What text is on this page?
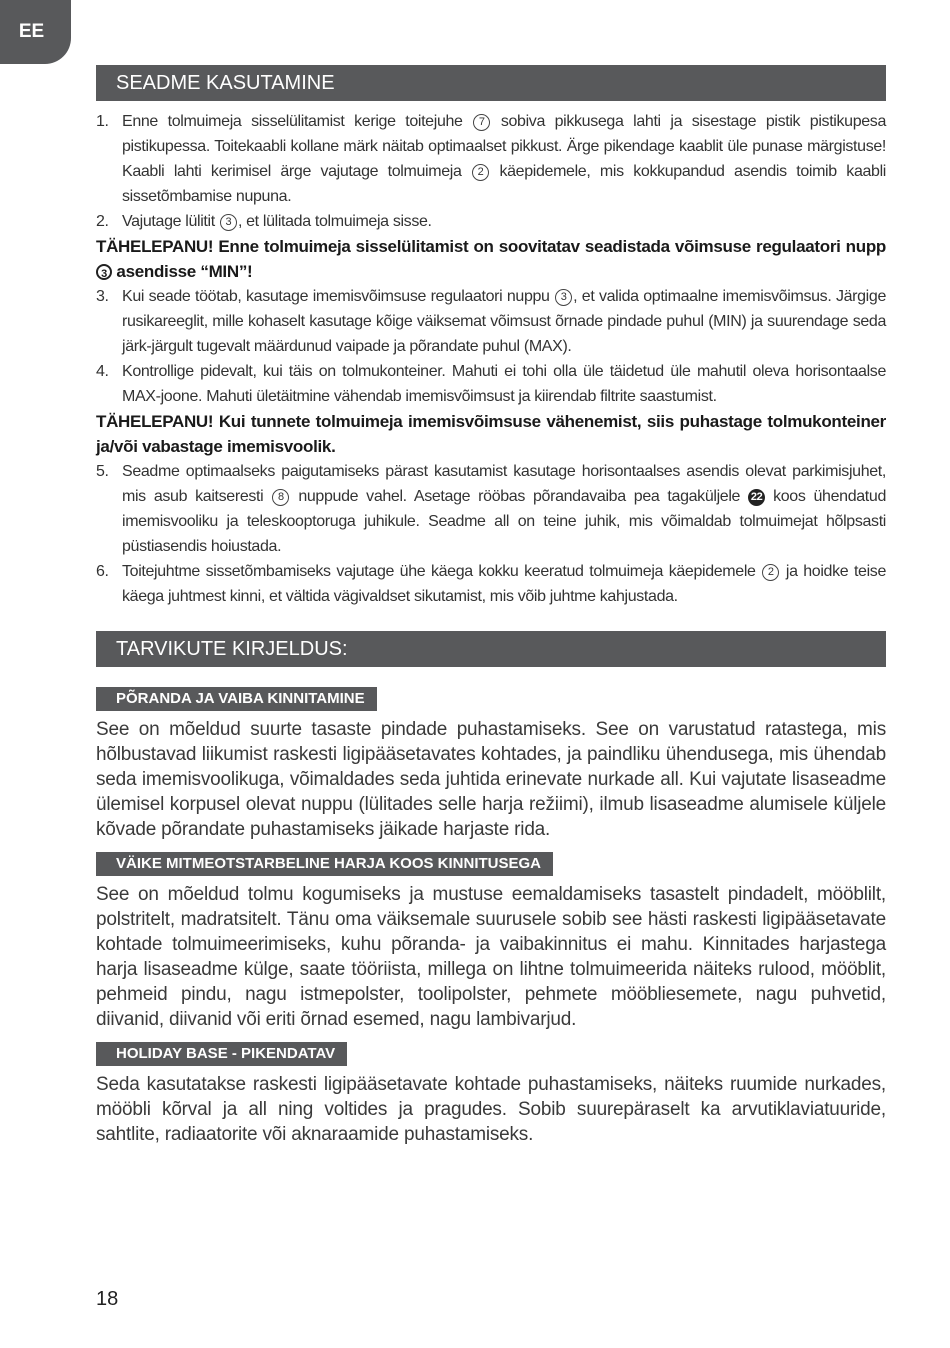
EE
SEADME KASUTAMINE
1. Enne tolmuimeja sisselülitamist kerige toitejuhe 7 sobiva pikkusega lahti ja sisestage pistik pistikupesa pistikupessa. Toitekaabli kollane märk näitab optimaalset pikkust. Ärge pikendage kaablit üle punase märgistuse! Kaabli lahti kerimisel ärge vajutage tolmuimeja 2 käepidemele, mis kokkupandud asendis toimib kaabli sissetõmbamise nupuna.
2. Vajutage lülitit 3 , et lülitada tolmuimeja sisse.
TÄHELEPANU! Enne tolmuimeja sisselülitamist on soovitatav seadistada võimsuse regulaatori nupp 3 asendisse “MIN”!
3. Kui seade töötab, kasutage imemisvõimsuse regulaatori nuppu 3 , et valida optimaalne imemisvõimsus. Järgige rusikareeglit, mille kohaselt kasutage kõige väiksemat võimsust õrnade pindade puhul (MIN) ja suurendage seda järk-järgult tugevalt määrdunud vaipade ja põrandate puhul (MAX).
4. Kontrollige pidevalt, kui täis on tolmukonteiner. Mahuti ei tohi olla üle täidetud üle mahutil oleva horisontaalse MAX-joone. Mahuti ületäitmine vähendab imemisvõimsust ja kiirendab filtrite saastumist.
TÄHELEPANU! Kui tunnete tolmuimeja imemisvõimsuse vähenemist, siis puhastage tolmukonteiner ja/või vabastage imemisvoolik.
5. Seadme optimaalseks paigutamiseks pärast kasutamist kasutage horisontaalses asendis olevat parkimisjuhet, mis asub kaitseresti 8 nuppude vahel. Asetage rööbas põrandavaiba pea tagaküljele 22 koos ühendatud imemisvooliku ja teleskooptoruga juhikule. Seadme all on teine juhik, mis võimaldab tolmuimejat hõlpsasti püstiasendis hoiustada.
6. Toitejuhtme sissetõmbamiseks vajutage ühe käega kokku keeratud tolmuimeja käepidemele 2 ja hoidke teise käega juhtmest kinni, et vältida vägivaldset sikutamist, mis võib juhtme kahjustada.
TARVIKUTE KIRJELDUS:
PÕRANDA JA VAIBA KINNITAMINE

See on mõeldud suurte tasaste pindade puhastamiseks. See on varustatud ratastega, mis hõlbustavad liikumist raskesti ligipääsetavates kohtades, ja paindliku ühendusega, mis ühendab seda imemisvoolikuga, võimaldades seda juhtida erinevate nurkade all. Kui vajutate lisaseadme ülemisel korpusel olevat nuppu (lülitades selle harja režiimi), ilmub lisaseadme alumisele küljele kõvade põrandate puhastamiseks jäikade harjaste rida.

VÄIKE MITMEOTSTARBELINE HARJA KOOS KINNITUSEGA

See on mõeldud tolmu kogumiseks ja mustuse eemaldamiseks tasastelt pindadelt, mööblilt, polstritelt, madratsitelt. Tänu oma väiksemale suurusele sobib see hästi raskesti ligipääsetavate kohtade tolmuimeerimiseks, kuhu põranda- ja vaibakinnitus ei mahu. Kinnitades harjastega harja lisaseadme külge, saate tööriista, millega on lihtne tolmuimeerida näiteks rulood, mööblit, pehmeid pindu, nagu istmepolster, toolipolster, pehmete mööbliesemete, nagu puhvetid, diivanid, diivanid või eriti õrnad esemed, nagu lambivarjud.

HOLIDAY BASE - PIKENDATAV

Seda kasutatakse raskesti ligipääsetavate kohtade puhastamiseks, näiteks ruumide nurkades, mööbli kõrval ja all ning voltides ja pragudes. Sobib suurepäraselt ka arvutiklaviatuuride, sahtlite, radiaatorite või aknaraamide puhastamiseks.

18
